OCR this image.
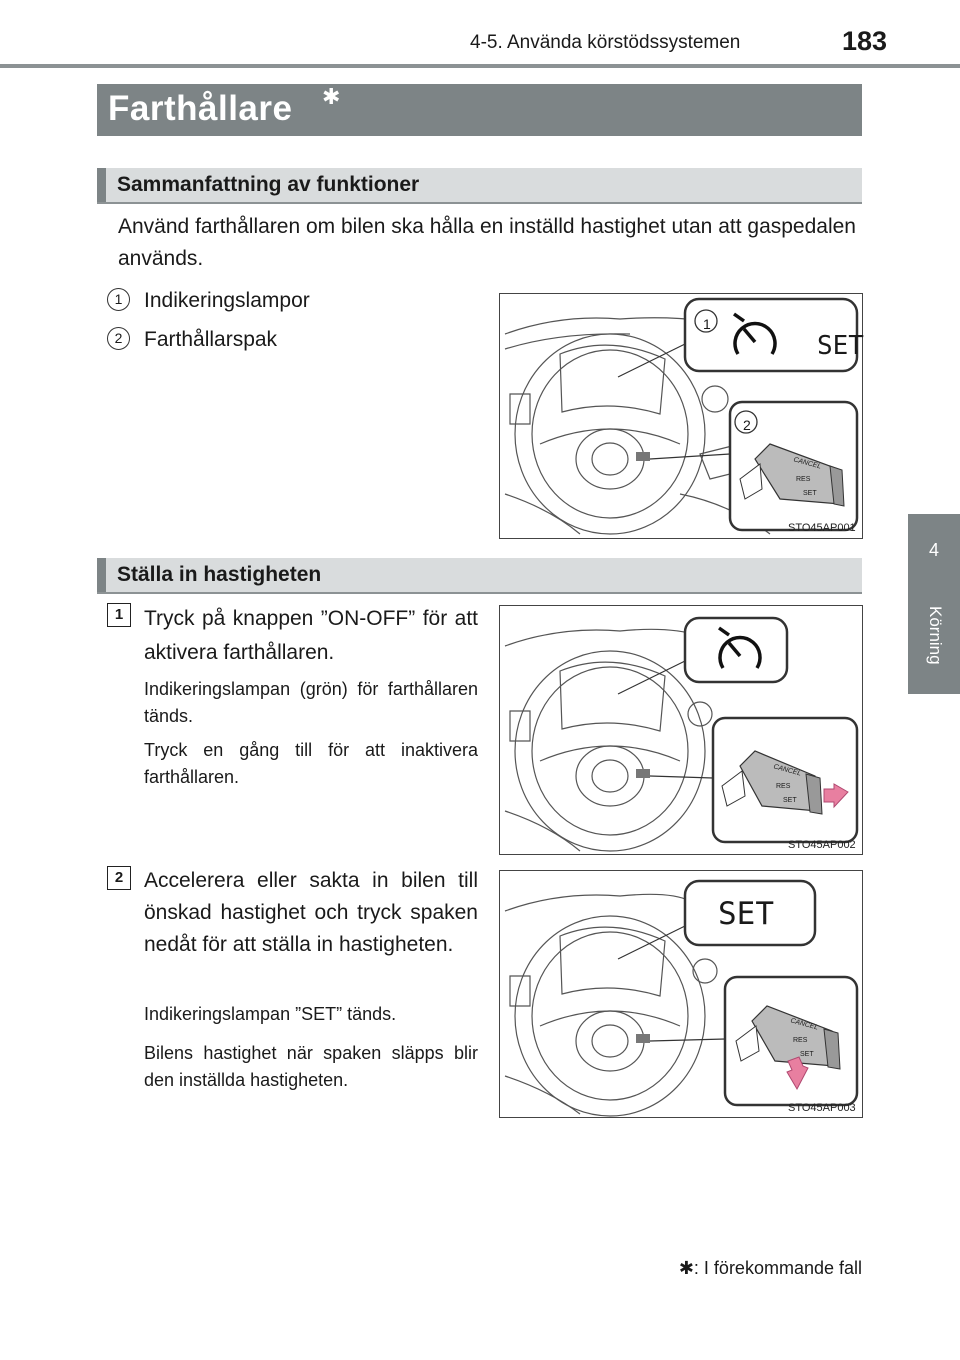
4-5. Använda körstödssystemen	183
4
Körning
Farthållare ✱
Sammanfattning av funktioner
Använd farthållaren om bilen ska hålla en inställd hastighet utan att gaspedalen används.
1	Indikeringslampor
2	Farthållarspak	SET
1
2
CANCEL
RES
SET
STO45AP001
Ställa in hastigheten
1 Tryck på knappen ”ON-OFF” för att aktivera farthållaren.
Indikeringslampan (grön) för farthållaren tänds.
Tryck en gång till för att inaktivera farthållaren.	CANCEL
RES
SET
STO45AP002
2 Accelerera eller sakta in bilen till önskad hastighet och tryck spaken nedåt för att ställa in hastigheten.
Indikeringslampan ”SET” tänds.
Bilens hastighet när spaken släpps blir den inställda hastigheten.
SET
CANCEL
RES
SET
STO45AP003
✱: I förekommande fall
